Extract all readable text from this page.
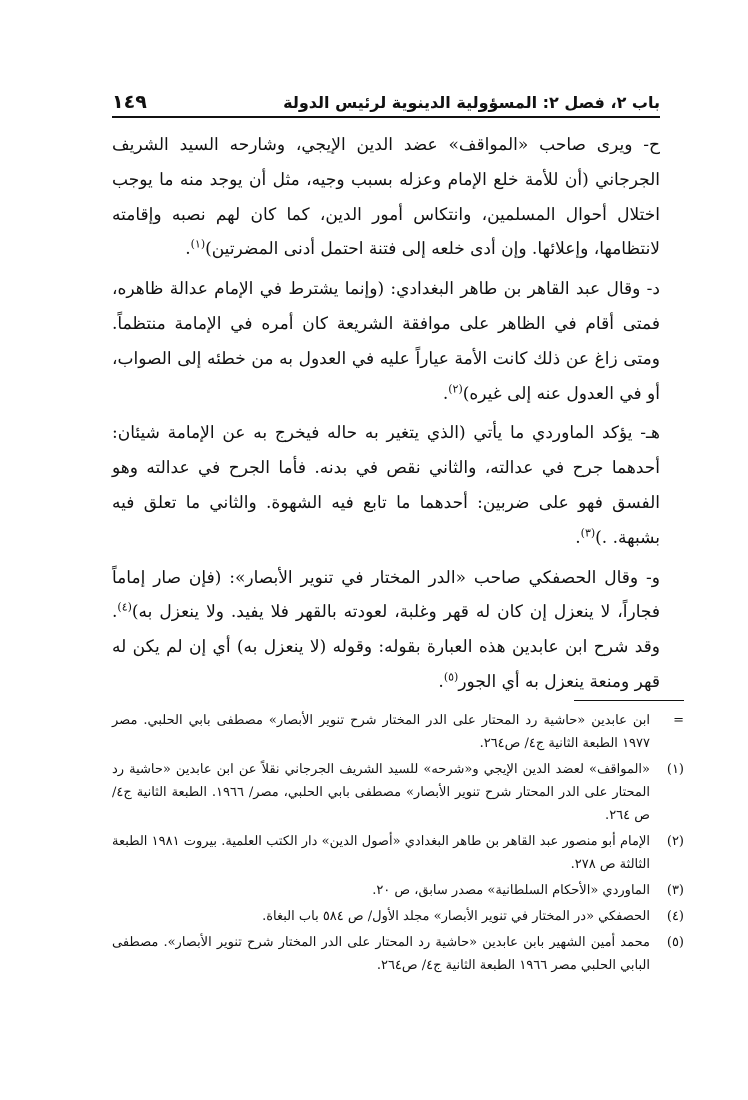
باب ٢، فصل ٢: المسؤولية الدينوية لرئيس الدولة
١٤٩

ح- ويرى صاحب «المواقف» عضد الدين الإيجي، وشارحه السيد الشريف الجرجاني (أن للأمة خلع الإمام وعزله بسبب وجيه، مثل أن يوجد منه ما يوجب اختلال أحوال المسلمين، وانتكاس أمور الدين، كما كان لهم نصبه وإقامته لانتظامها، وإعلائها. وإن أدى خلعه إلى فتنة احتمل أدنى المضرتين)$^{(١)}$.

د- وقال عبد القاهر بن طاهر البغدادي: (وإنما يشترط في الإمام عدالة ظاهره، فمتى أقام في الظاهر على موافقة الشريعة كان أمره في الإمامة منتظماً. ومتى زاغ عن ذلك كانت الأمة عياراً عليه في العدول به من خطئه إلى الصواب، أو في العدول عنه إلى غيره)$^{(٢)}$.

هـ- يؤكد الماوردي ما يأتي (الذي يتغير به حاله فيخرج به عن الإمامة شيئان: أحدهما جرح في عدالته، والثاني نقص في بدنه. فأما الجرح في عدالته وهو الفسق فهو على ضربين: أحدهما ما تابع فيه الشهوة. والثاني ما تعلق فيه بشبهة. .)$^{(٣)}$.

و- وقال الحصفكي صاحب «الدر المختار في تنوير الأبصار»: (فإن صار إماماً فجاراً، لا ينعزل إن كان له قهر وغلبة، لعودته بالقهر فلا يفيد. ولا ينعزل به)$^{(٤)}$. وقد شرح ابن عابدين هذه العبارة بقوله: وقوله (لا ينعزل به) أي إن لم يكن له قهر ومنعة ينعزل به أي الجور$^{(٥)}$.

=
ابن عابدين «حاشية رد المحتار على الدر المختار شرح تنوير الأبصار» مصطفى بابي الحلبي. مصر ١٩٧٧ الطبعة الثانية ج٤/ ص٢٦٤.
(١)
«المواقف» لعضد الدين الإيجي و«شرحه» للسيد الشريف الجرجاني نقلاً عن ابن عابدين «حاشية رد المحتار على الدر المحتار شرح تنوير الأبصار» مصطفى بابي الحلبي، مصر/ ١٩٦٦. الطبعة الثانية ج٤/ ص ٢٦٤.
(٢)
الإمام أبو منصور عبد القاهر بن طاهر البغدادي «أصول الدين» دار الكتب العلمية. بيروت ١٩٨١ الطبعة الثالثة ص ٢٧٨.
(٣)
الماوردي «الأحكام السلطانية» مصدر سابق، ص ٢٠.
(٤)
الحصفكي «در المختار في تنوير الأبصار» مجلد الأول/ ص ٥٨٤ باب البغاة.
(٥)
محمد أمين الشهير بابن عابدين «حاشية رد المحتار على الدر المختار شرح تنوير الأبصار». مصطفى البابي الحلبي مصر ١٩٦٦ الطبعة الثانية ج٤/ ص٢٦٤.
